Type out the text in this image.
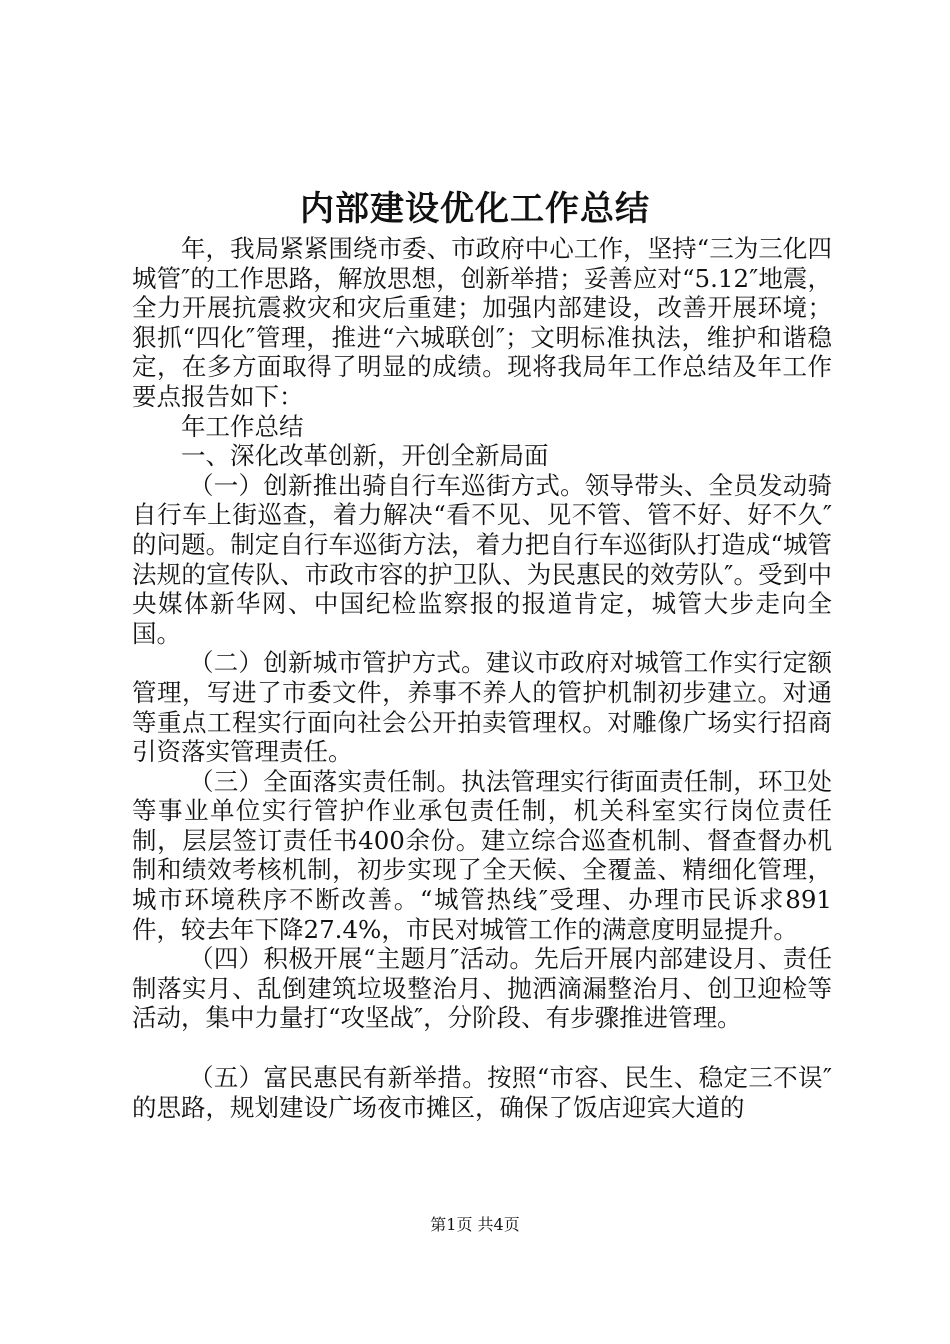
内部建设优化工作总结

年，我局紧紧围绕市委、市政府中心工作，坚持“三为三化四城管″的工作思路，解放思想，创新举措；妥善应对“5.12″地震，全力开展抗震救灾和灾后重建；加强内部建设，改善开展环境；狠抓“四化″管理，推进“六城联创″；文明标准执法，维护和谐稳定，在多方面取得了明显的成绩。现将我局年工作总结及年工作要点报告如下：

年工作总结

一、深化改革创新，开创全新局面

（一）创新推出骑自行车巡街方式。领导带头、全员发动骑自行车上街巡查，着力解决“看不见、见不管、管不好、好不久″的问题。制定自行车巡街方法，着力把自行车巡街队打造成“城管法规的宣传队、市政市容的护卫队、为民惠民的效劳队″。受到中央媒体新华网、中国纪检监察报的报道肯定，城管大步走向全国。

（二）创新城市管护方式。建议市政府对城管工作实行定额管理，写进了市委文件，养事不养人的管护机制初步建立。对通等重点工程实行面向社会公开拍卖管理权。对雕像广场实行招商引资落实管理责任。

（三）全面落实责任制。执法管理实行街面责任制，环卫处等事业单位实行管护作业承包责任制，机关科室实行岗位责任制，层层签订责任书400余份。建立综合巡查机制、督查督办机制和绩效考核机制，初步实现了全天候、全覆盖、精细化管理，城市环境秩序不断改善。“城管热线″受理、办理市民诉求891件，较去年下降27.4%，市民对城管工作的满意度明显提升。

（四）积极开展“主题月″活动。先后开展内部建设月、责任制落实月、乱倒建筑垃圾整治月、抛洒滴漏整治月、创卫迎检等活动，集中力量打“攻坚战″，分阶段、有步骤推进管理。

（五）富民惠民有新举措。按照“市容、民生、稳定三不误″的思路，规划建设广场夜市摊区，确保了饭店迎宾大道的

第1页 共4页
